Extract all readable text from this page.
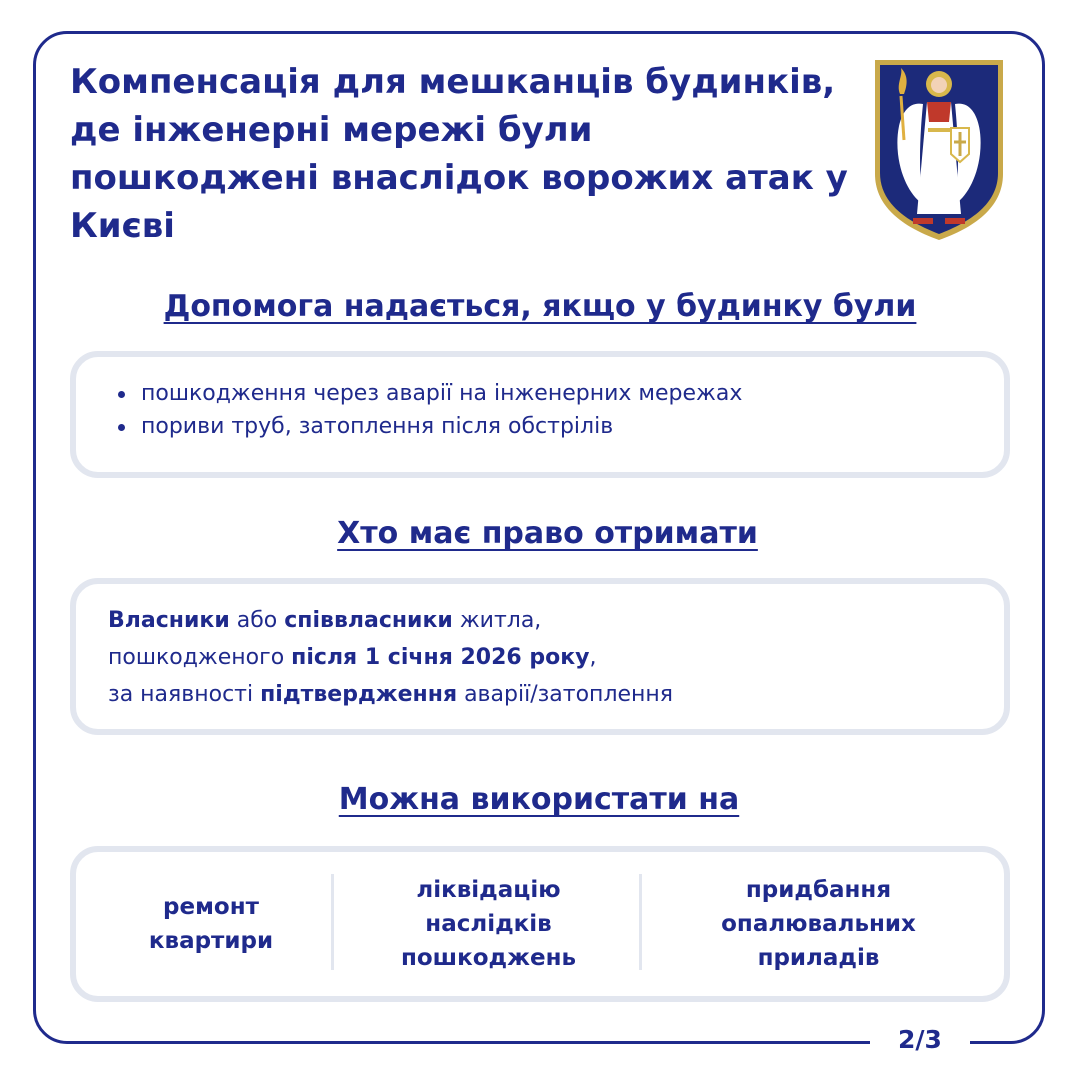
2/3
Компенсація для мешканців будинків, де інженерні мережі були пошкоджені внаслідок ворожих атак у Києві
Допомога надається, якщо у будинку були
пошкодження через аварії на інженерних мережах
пориви труб, затоплення після обстрілів
Хто має право отримати
Власники або співвласники житла,
пошкодженого після 1 січня 2026 року,
за наявності підтвердження аварії/затоплення
Можна використати на
ремонт квартири
ліквідацію наслідків пошкоджень
придбання опалювальних приладів
